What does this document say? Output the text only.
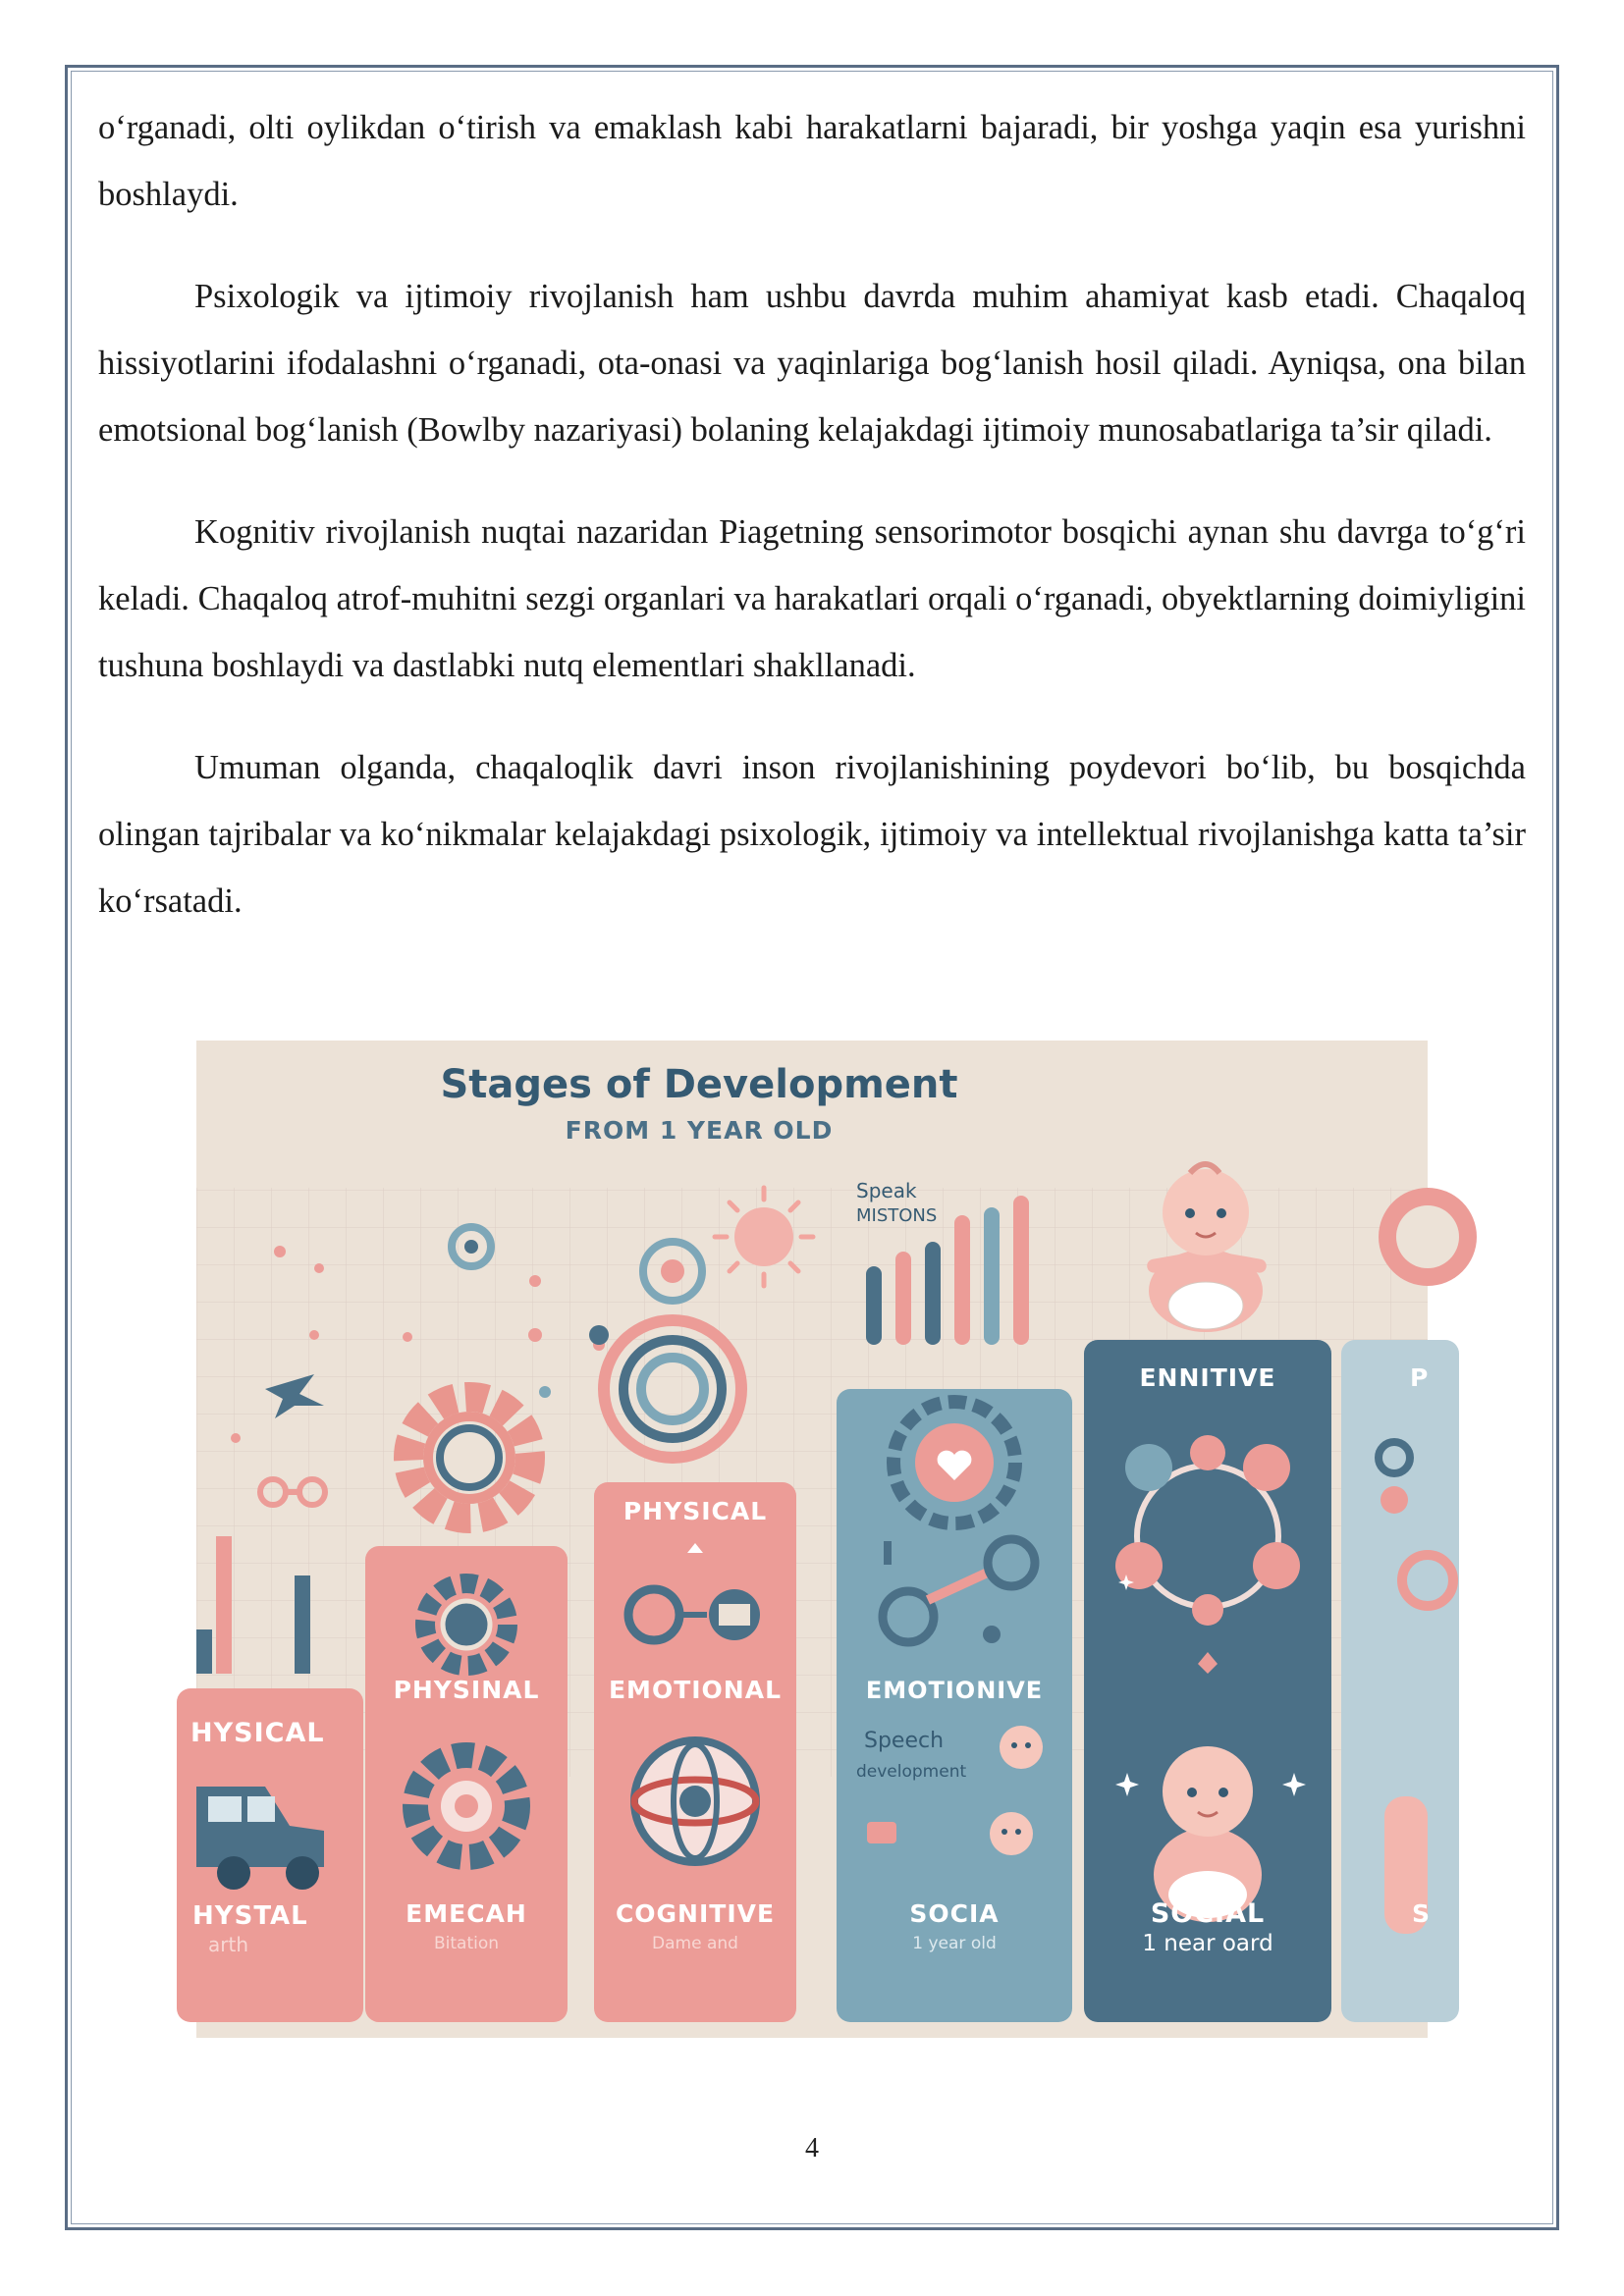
o‘rganadi, olti oylikdan o‘tirish va emaklash kabi harakatlarni bajaradi, bir yoshga yaqin esa yurishni boshlaydi.

Psixologik va ijtimoiy rivojlanish ham ushbu davrda muhim ahamiyat kasb etadi. Chaqaloq hissiyotlarini ifodalashni o‘rganadi, ota-onasi va yaqinlariga bog‘lanish hosil qiladi. Ayniqsa, ona bilan emotsional bog‘lanish (Bowlby nazariyasi) bolaning kelajakdagi ijtimoiy munosabatlariga ta’sir qiladi.

Kognitiv rivojlanish nuqtai nazaridan Piagetning sensorimotor bosqichi aynan shu davrga to‘g‘ri keladi. Chaqaloq atrof-muhitni sezgi organlari va harakatlari orqali o‘rganadi, obyektlarning doimiyligini tushuna boshlaydi va dastlabki nutq elementlari shakllanadi.

Umuman olganda, chaqaloqlik davri inson rivojlanishining poydevori bo‘lib, bu bosqichda olingan tajribalar va ko‘nikmalar kelajakdagi psixologik, ijtimoiy va intellektual rivojlanishga katta ta’sir ko‘rsatadi.

Stages of Development
FROM 1 YEAR OLD
Speak
MISTONS
HYSICAL
HYSTAL
arth
PHYSINAL
EMECAH
Bitation
PHYSICAL
EMOTIONAL
COGNITIVE
Dame and
EMOTIONIVE
Speech
development
SOCIA
1 year old
ENNITIVE
SOCIAL
1 near oard
P
S
4
